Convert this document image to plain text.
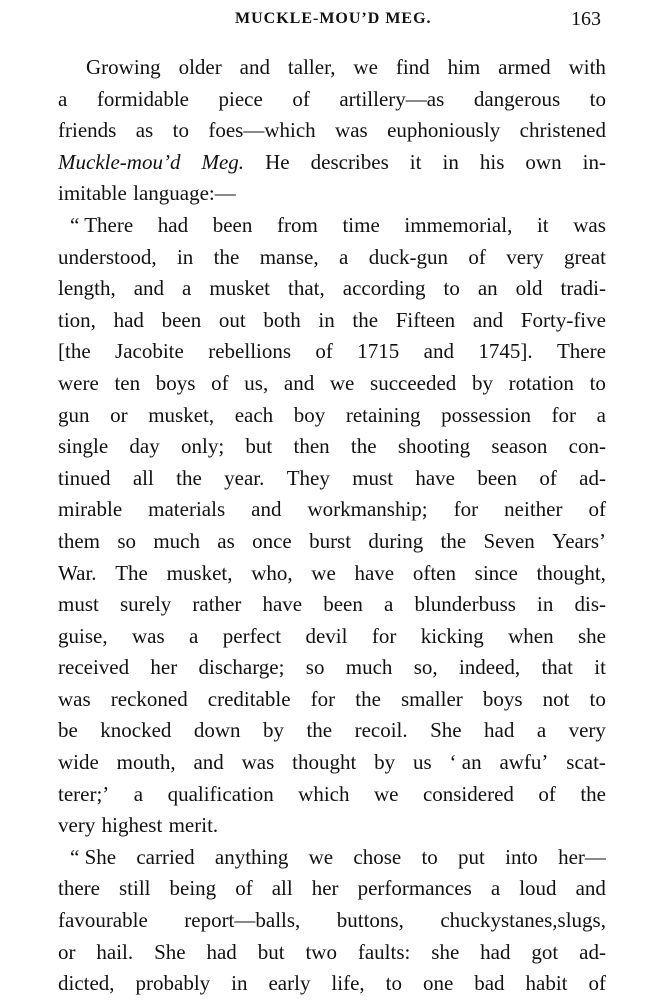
MUCKLE-MOU’D MEG.	163
Growing older and taller, we find him armed with
a formidable piece of artillery—as dangerous to
friends as to foes—which was euphoniously christened
Muckle-mou’d Meg. He describes it in his own in-
imitable language:—
“ There had been from time immemorial, it was
understood, in the manse, a duck-gun of very great
length, and a musket that, according to an old tradi-
tion, had been out both in the Fifteen and Forty-five
[the Jacobite rebellions of 1715 and 1745]. There
were ten boys of us, and we succeeded by rotation to
gun or musket, each boy retaining possession for a
single day only; but then the shooting season con-
tinued all the year. They must have been of ad-
mirable materials and workmanship; for neither of
them so much as once burst during the Seven Years’
War. The musket, who, we have often since thought,
must surely rather have been a blunderbuss in dis-
guise, was a perfect devil for kicking when she
received her discharge; so much so, indeed, that it
was reckoned creditable for the smaller boys not to
be knocked down by the recoil. She had a very
wide mouth, and was thought by us ‘ an awfu’ scat-
terer;’ a qualification which we considered of the
very highest merit.
“ She carried anything we chose to put into her—
there still being of all her performances a loud and
favourable report—balls, buttons, chuckystanes,slugs,
or hail. She had but two faults: she had got ad-
dicted, probably in early life, to one bad habit of
